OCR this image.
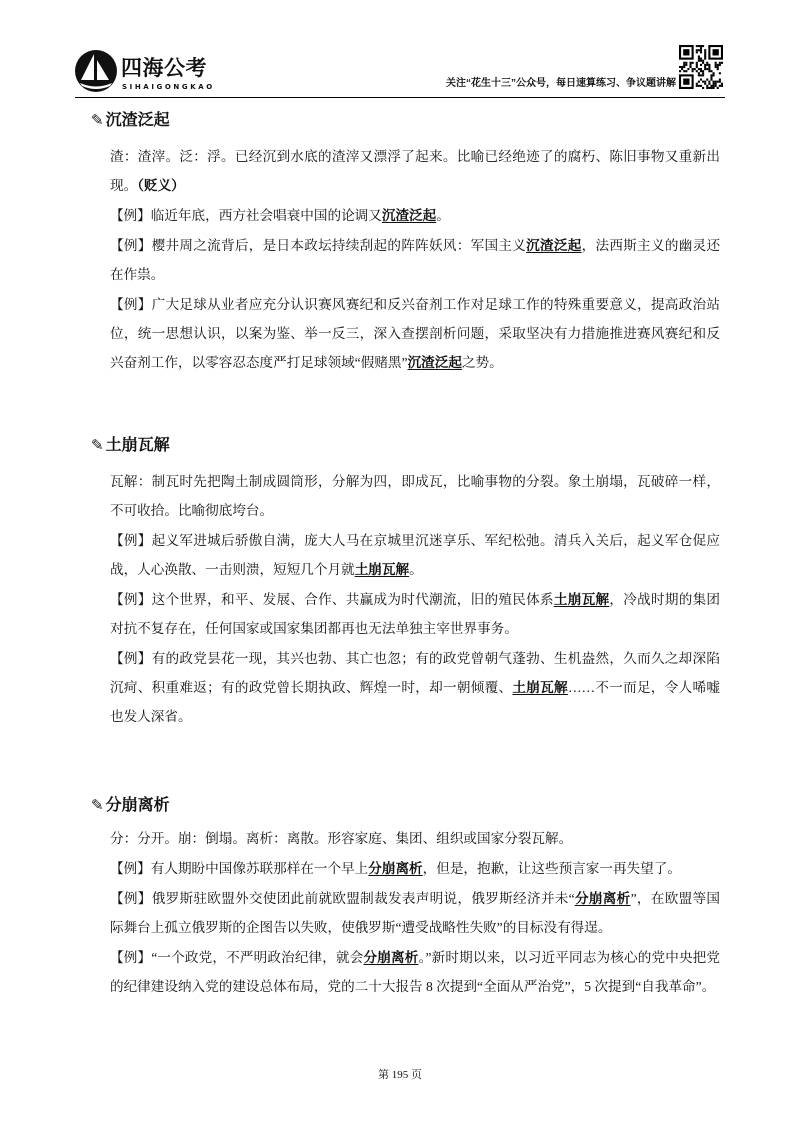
四海公考
SIHAIGONGKAO	关注“花生十三”公众号，每日速算练习、争议题讲解
✎ 沉渣泛起

渣：渣滓。泛：浮。已经沉到水底的渣滓又漂浮了起来。比喻已经绝迹了的腐朽、陈旧事物又重新出现。（贬义）

【例】临近年底，西方社会唱衰中国的论调又沉渣泛起。

【例】樱井周之流背后，是日本政坛持续刮起的阵阵妖风：军国主义沉渣泛起，法西斯主义的幽灵还在作祟。

【例】广大足球从业者应充分认识赛风赛纪和反兴奋剂工作对足球工作的特殊重要意义，提高政治站位，统一思想认识，以案为鉴、举一反三，深入查摆剖析问题，采取坚决有力措施推进赛风赛纪和反兴奋剂工作，以零容忍态度严打足球领域“假赌黑”沉渣泛起之势。

✎ 土崩瓦解

瓦解：制瓦时先把陶土制成圆筒形，分解为四，即成瓦，比喻事物的分裂。象土崩塌，瓦破碎一样，不可收拾。比喻彻底垮台。

【例】起义军进城后骄傲自满，庞大人马在京城里沉迷享乐、军纪松弛。清兵入关后，起义军仓促应战，人心涣散、一击则溃，短短几个月就土崩瓦解。

【例】这个世界，和平、发展、合作、共赢成为时代潮流，旧的殖民体系土崩瓦解，冷战时期的集团对抗不复存在，任何国家或国家集团都再也无法单独主宰世界事务。

【例】有的政党昙花一现，其兴也勃、其亡也忽；有的政党曾朝气蓬勃、生机盎然，久而久之却深陷沉疴、积重难返；有的政党曾长期执政、辉煌一时，却一朝倾覆、土崩瓦解……不一而足，令人唏嘘也发人深省。

✎ 分崩离析

分：分开。崩：倒塌。离析：离散。形容家庭、集团、组织或国家分裂瓦解。

【例】有人期盼中国像苏联那样在一个早上分崩离析，但是，抱歉，让这些预言家一再失望了。

【例】俄罗斯驻欧盟外交使团此前就欧盟制裁发表声明说，俄罗斯经济并未“分崩离析”，在欧盟等国际舞台上孤立俄罗斯的企图告以失败，使俄罗斯“遭受战略性失败”的目标没有得逞。

【例】“一个政党，不严明政治纪律，就会分崩离析。”新时期以来，以习近平同志为核心的党中央把党的纪律建设纳入党的建设总体布局，党的二十大报告 8 次提到“全面从严治党”，5 次提到“自我革命”。

第 195 页
